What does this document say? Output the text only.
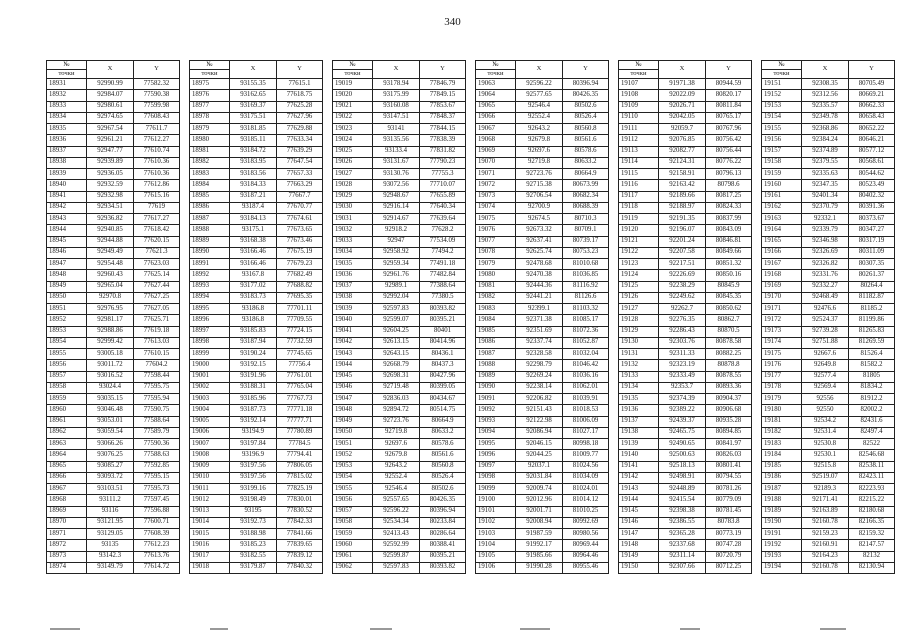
340
№	X	Y
точки		
18931	92990.99	77582.32
18932	92984.07	77590.38
18933	92980.61	77599.98
18934	92974.65	77608.43
18935	92967.54	77611.7
18936	92961.21	77612.27
18937	92947.77	77610.74
18938	92939.89	77610.36
18939	92936.05	77610.36
18940	92932.59	77612.86
18941	92932.98	77615.16
18942	92934.51	77619
18943	92936.82	77617.27
18944	92940.85	77618.42
18945	92944.88	77620.15
18946	92949.49	77621.3
18947	92954.48	77623.03
18948	92960.43	77625.14
18949	92965.04	77627.44
18950	92970.8	77627.25
18951	92976.95	77627.05
18952	92981.17	77625.71
18953	92988.86	77619.18
18954	92999.42	77613.03
18955	93005.18	77610.15
18956	93011.72	77604.2
18957	93016.52	77598.44
18958	93024.4	77595.75
18959	93035.15	77595.94
18960	93046.48	77590.75
18961	93053.01	77588.64
18962	93059.54	77589.79
18963	93066.26	77590.36
18964	93076.25	77588.63
18965	93085.27	77592.85
18966	93093.72	77595.15
18967	93103.51	77595.73
18968	93111.2	77597.45
18969	93116	77596.88
18970	93121.95	77600.71
18971	93129.05	77608.39
18972	93135	77612.23
18973	93142.3	77613.76
18974	93149.79	77614.72
№	X	Y
точки		
18975	93155.35	77615.1
18976	93162.65	77618.75
18977	93169.37	77625.28
18978	93175.51	77627.96
18979	93181.85	77629.88
18980	93185.11	77633.34
18981	93184.72	77639.29
18982	93183.95	77647.54
18983	93183.56	77657.33
18984	93184.33	77663.29
18985	93187.21	77667.7
18986	93187.4	77670.77
18987	93184.13	77674.61
18988	93175.1	77673.65
18989	93168.38	77673.46
18990	93166.46	77675.19
18991	93166.46	77679.23
18992	93167.8	77682.49
18993	93177.02	77688.82
18994	93183.73	77695.35
18995	93186.8	77701.11
18996	93186.8	77709.55
18997	93185.83	77724.15
18998	93187.94	77732.59
18999	93190.24	77745.65
19000	93192.15	77756.4
19001	93191.96	77761.01
19002	93188.31	77765.04
19003	93185.96	77767.73
19004	93187.73	77771.18
19005	93192.14	77777.71
19006	93194.9	77780.89
19007	93197.84	77784.5
19008	93196.9	77794.41
19009	93197.56	77806.05
19010	93197.56	77815.02
19011	93199.16	77825.19
19012	93198.49	77830.01
19013	93195	77830.52
19014	93192.73	77842.33
19015	93188.98	77841.66
19016	93185.23	77839.65
19017	93182.55	77839.12
19018	93179.87	77840.32
№	X	Y
точки		
19019	93178.94	77846.79
19020	93175.99	77849.15
19021	93160.08	77853.67
19022	93147.51	77848.37
19023	93141	77844.15
19024	93135.56	77838.39
19025	93133.4	77831.82
19026	93131.67	77790.23
19027	93130.76	77755.3
19028	93072.56	77710.07
19029	92948.67	77655.89
19030	92916.14	77640.34
19031	92914.67	77639.64
19032	92918.2	77628.2
19033	92947	77534.09
19034	92958.92	77494.2
19035	92959.34	77491.18
19036	92961.76	77482.84
19037	92989.1	77388.64
19038	92992.04	77380.5
19039	92597.83	80393.82
19040	92599.07	80395.21
19041	92604.25	80401
19042	92613.15	80414.96
19043	92643.15	80436.1
19044	92668.79	80437.3
19045	92698.31	80427.96
19046	92719.48	80399.05
19047	92836.03	80434.67
19048	92894.72	80514.75
19049	92723.76	80664.9
19050	92719.8	80633.2
19051	92697.6	80578.6
19052	92679.8	80561.6
19053	92643.2	80560.8
19054	92552.4	80526.4
19055	92546.4	80502.6
19056	92557.65	80426.35
19057	92596.22	80396.94
19058	92534.34	80233.84
19059	92413.43	80286.64
19060	92592.99	80388.41
19061	92599.87	80395.21
19062	92597.83	80393.82
№	X	Y
точки		
19063	92596.22	80396.94
19064	92577.65	80426.35
19065	92546.4	80502.6
19066	92552.4	80526.4
19067	92643.2	80560.8
19068	92679.8	80561.6
19069	92697.6	80578.6
19070	92719.8	80633.2
19071	92723.76	80664.9
19072	92715.38	80673.99
19073	92706.54	80682.34
19074	92700.9	80688.39
19075	92674.5	80710.3
19076	92673.32	80709.1
19077	92637.41	80739.17
19078	92625.74	80753.23
19079	92478.68	81010.68
19080	92470.38	81036.85
19081	92444.36	81116.92
19082	92441.21	81126.6
19083	92399.1	81103.32
19084	92371.38	81085.17
19085	92351.69	81072.36
19086	92337.74	81052.87
19087	92328.58	81032.04
19088	92298.79	81046.42
19089	92269.24	81036.16
19090	92238.14	81062.01
19091	92206.82	81039.91
19092	92151.43	81018.53
19093	92122.98	81006.09
19094	92086.94	81027.17
19095	92046.15	80998.18
19096	92044.25	81009.77
19097	92037.1	81024.56
19098	92031.84	81034.09
19099	92009.74	81024.01
19100	92012.96	81014.12
19101	92001.71	81010.25
19102	92008.94	80992.69
19103	91987.59	80980.56
19104	91992.17	80969.44
19105	91985.66	80964.46
19106	91990.28	80955.46
№	X	Y
точки		
19107	91971.38	80944.59
19108	92022.09	80820.17
19109	92026.71	80811.84
19110	92042.05	80765.17
19111	92059.7	80767.96
19112	92076.85	80756.42
19113	92082.77	80756.44
19114	92124.31	80776.22
19115	92158.91	80796.13
19116	92163.42	80798.6
19117	92189.66	80817.25
19118	92188.97	80824.33
19119	92191.35	80837.99
19120	92196.07	80843.09
19121	92201.24	80846.81
19122	92207.58	80849.66
19123	92217.51	80851.32
19124	92226.69	80850.16
19125	92238.29	80845.9
19126	92249.62	80845.35
19127	92262.7	80850.62
19128	92276.35	80862.7
19129	92286.43	80870.5
19130	92303.76	80878.58
19131	92311.33	80882.25
19132	92323.19	80878.8
19133	92333.49	80878.55
19134	92353.7	80893.36
19135	92374.39	80904.37
19136	92389.22	80906.68
19137	92439.37	80935.28
19138	92465.75	80894.85
19139	92490.65	80841.97
19140	92500.63	80826.03
19141	92518.13	80801.41
19142	92498.91	80794.55
19143	92448.89	80781.26
19144	92415.54	80779.09
19145	92398.38	80781.45
19146	92386.55	80783.8
19147	92365.28	80773.19
19148	92337.68	80747.28
19149	92311.14	80720.79
19150	92307.66	80712.25
№	X	Y
точки		
19151	92308.35	80705.49
19152	92312.56	80669.21
19153	92335.57	80662.33
19154	92349.78	80658.43
19155	92368.86	80652.22
19156	92384.24	80646.21
19157	92374.89	80577.12
19158	92379.55	80568.61
19159	92335.63	80544.62
19160	92347.35	80523.49
19161	92401.34	80402.32
19162	92370.79	80391.36
19163	92332.1	80373.67
19164	92339.79	80347.27
19165	92346.98	80317.19
19166	92326.69	80311.09
19167	92326.82	80307.35
19168	92331.76	80261.37
19169	92332.27	80264.4
19170	92468.49	81182.87
19171	92476.6	81185.2
19172	92524.37	81199.86
19173	92739.28	81265.83
19174	92751.88	81269.59
19175	92667.6	81526.4
19176	92649.8	81582.2
19177	92577.4	81805
19178	92569.4	81834.2
19179	92556	81912.2
19180	92550	82002.2
19181	92534.2	82431.6
19182	92531.4	82497.4
19183	92530.8	82522
19184	92530.1	82546.68
19185	92515.8	82538.11
19186	92519.07	82423.11
19187	92189.3	82223.93
19188	92171.41	82215.22
19189	92163.89	82180.68
19190	92160.78	82166.35
19191	92159.23	82159.32
19192	92160.91	82147.57
19193	92164.23	82132
19194	92160.78	82130.94
